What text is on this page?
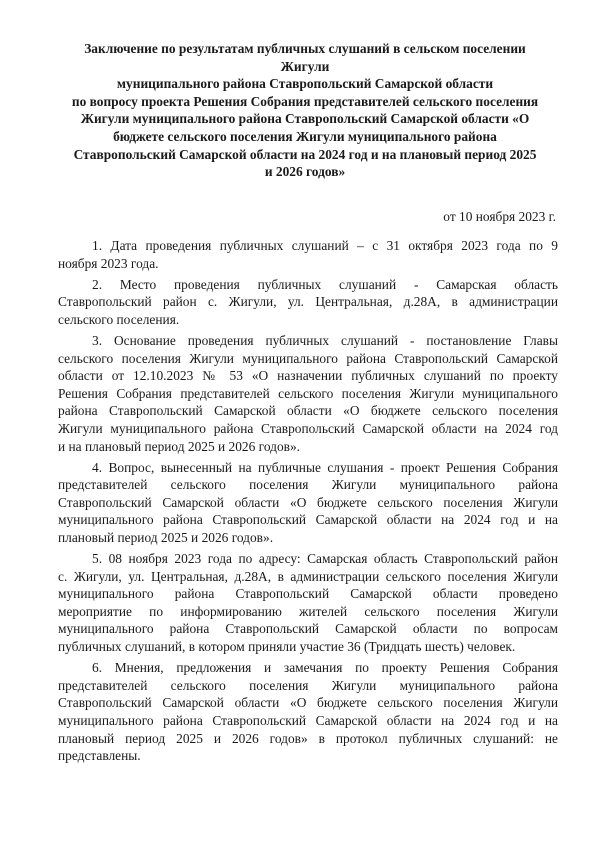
Заключение по результатам публичных слушаний в сельском поселении
Жигули
муниципального района Ставропольский Самарской области
по вопросу проекта Решения Собрания представителей сельского поселения
Жигули муниципального района Ставропольский Самарской области «О
бюджете сельского поселения Жигули муниципального района
Ставропольский Самарской области на 2024 год и на плановый период 2025
и 2026 годов»
от 10 ноября 2023 г.
1. Дата проведения публичных слушаний – с 31 октября 2023 года по 9
ноября 2023 года.
2. Место проведения публичных слушаний - Самарская область
Ставропольский район с. Жигули, ул. Центральная, д.28А, в администрации
сельского поселения.
3. Основание проведения публичных слушаний - постановление Главы
сельского поселения Жигули муниципального района Ставропольский Самарской
области от 12.10.2023 № 53 «О назначении публичных слушаний по проекту
Решения Собрания представителей сельского поселения Жигули муниципального
района Ставропольский Самарской области «О бюджете сельского поселения
Жигули муниципального района Ставропольский Самарской области на 2024 год
и на плановый период 2025 и 2026 годов».
4. Вопрос, вынесенный на публичные слушания - проект Решения Собрания
представителей сельского поселения Жигули муниципального района
Ставропольский Самарской области «О бюджете сельского поселения Жигули
муниципального района Ставропольский Самарской области на 2024 год и на
плановый период 2025 и 2026 годов».
5. 08 ноября 2023 года по адресу: Самарская область Ставропольский район
с. Жигули, ул. Центральная, д.28А, в администрации сельского поселения Жигули
муниципального района Ставропольский Самарской области проведено
мероприятие по информированию жителей сельского поселения Жигули
муниципального района Ставропольский Самарской области по вопросам
публичных слушаний, в котором приняли участие 36 (Тридцать шесть) человек.
6. Мнения, предложения и замечания по проекту Решения Собрания
представителей сельского поселения Жигули муниципального района
Ставропольский Самарской области «О бюджете сельского поселения Жигули
муниципального района Ставропольский Самарской области на 2024 год и на
плановый период 2025 и 2026 годов» в протокол публичных слушаний: не
представлены.
